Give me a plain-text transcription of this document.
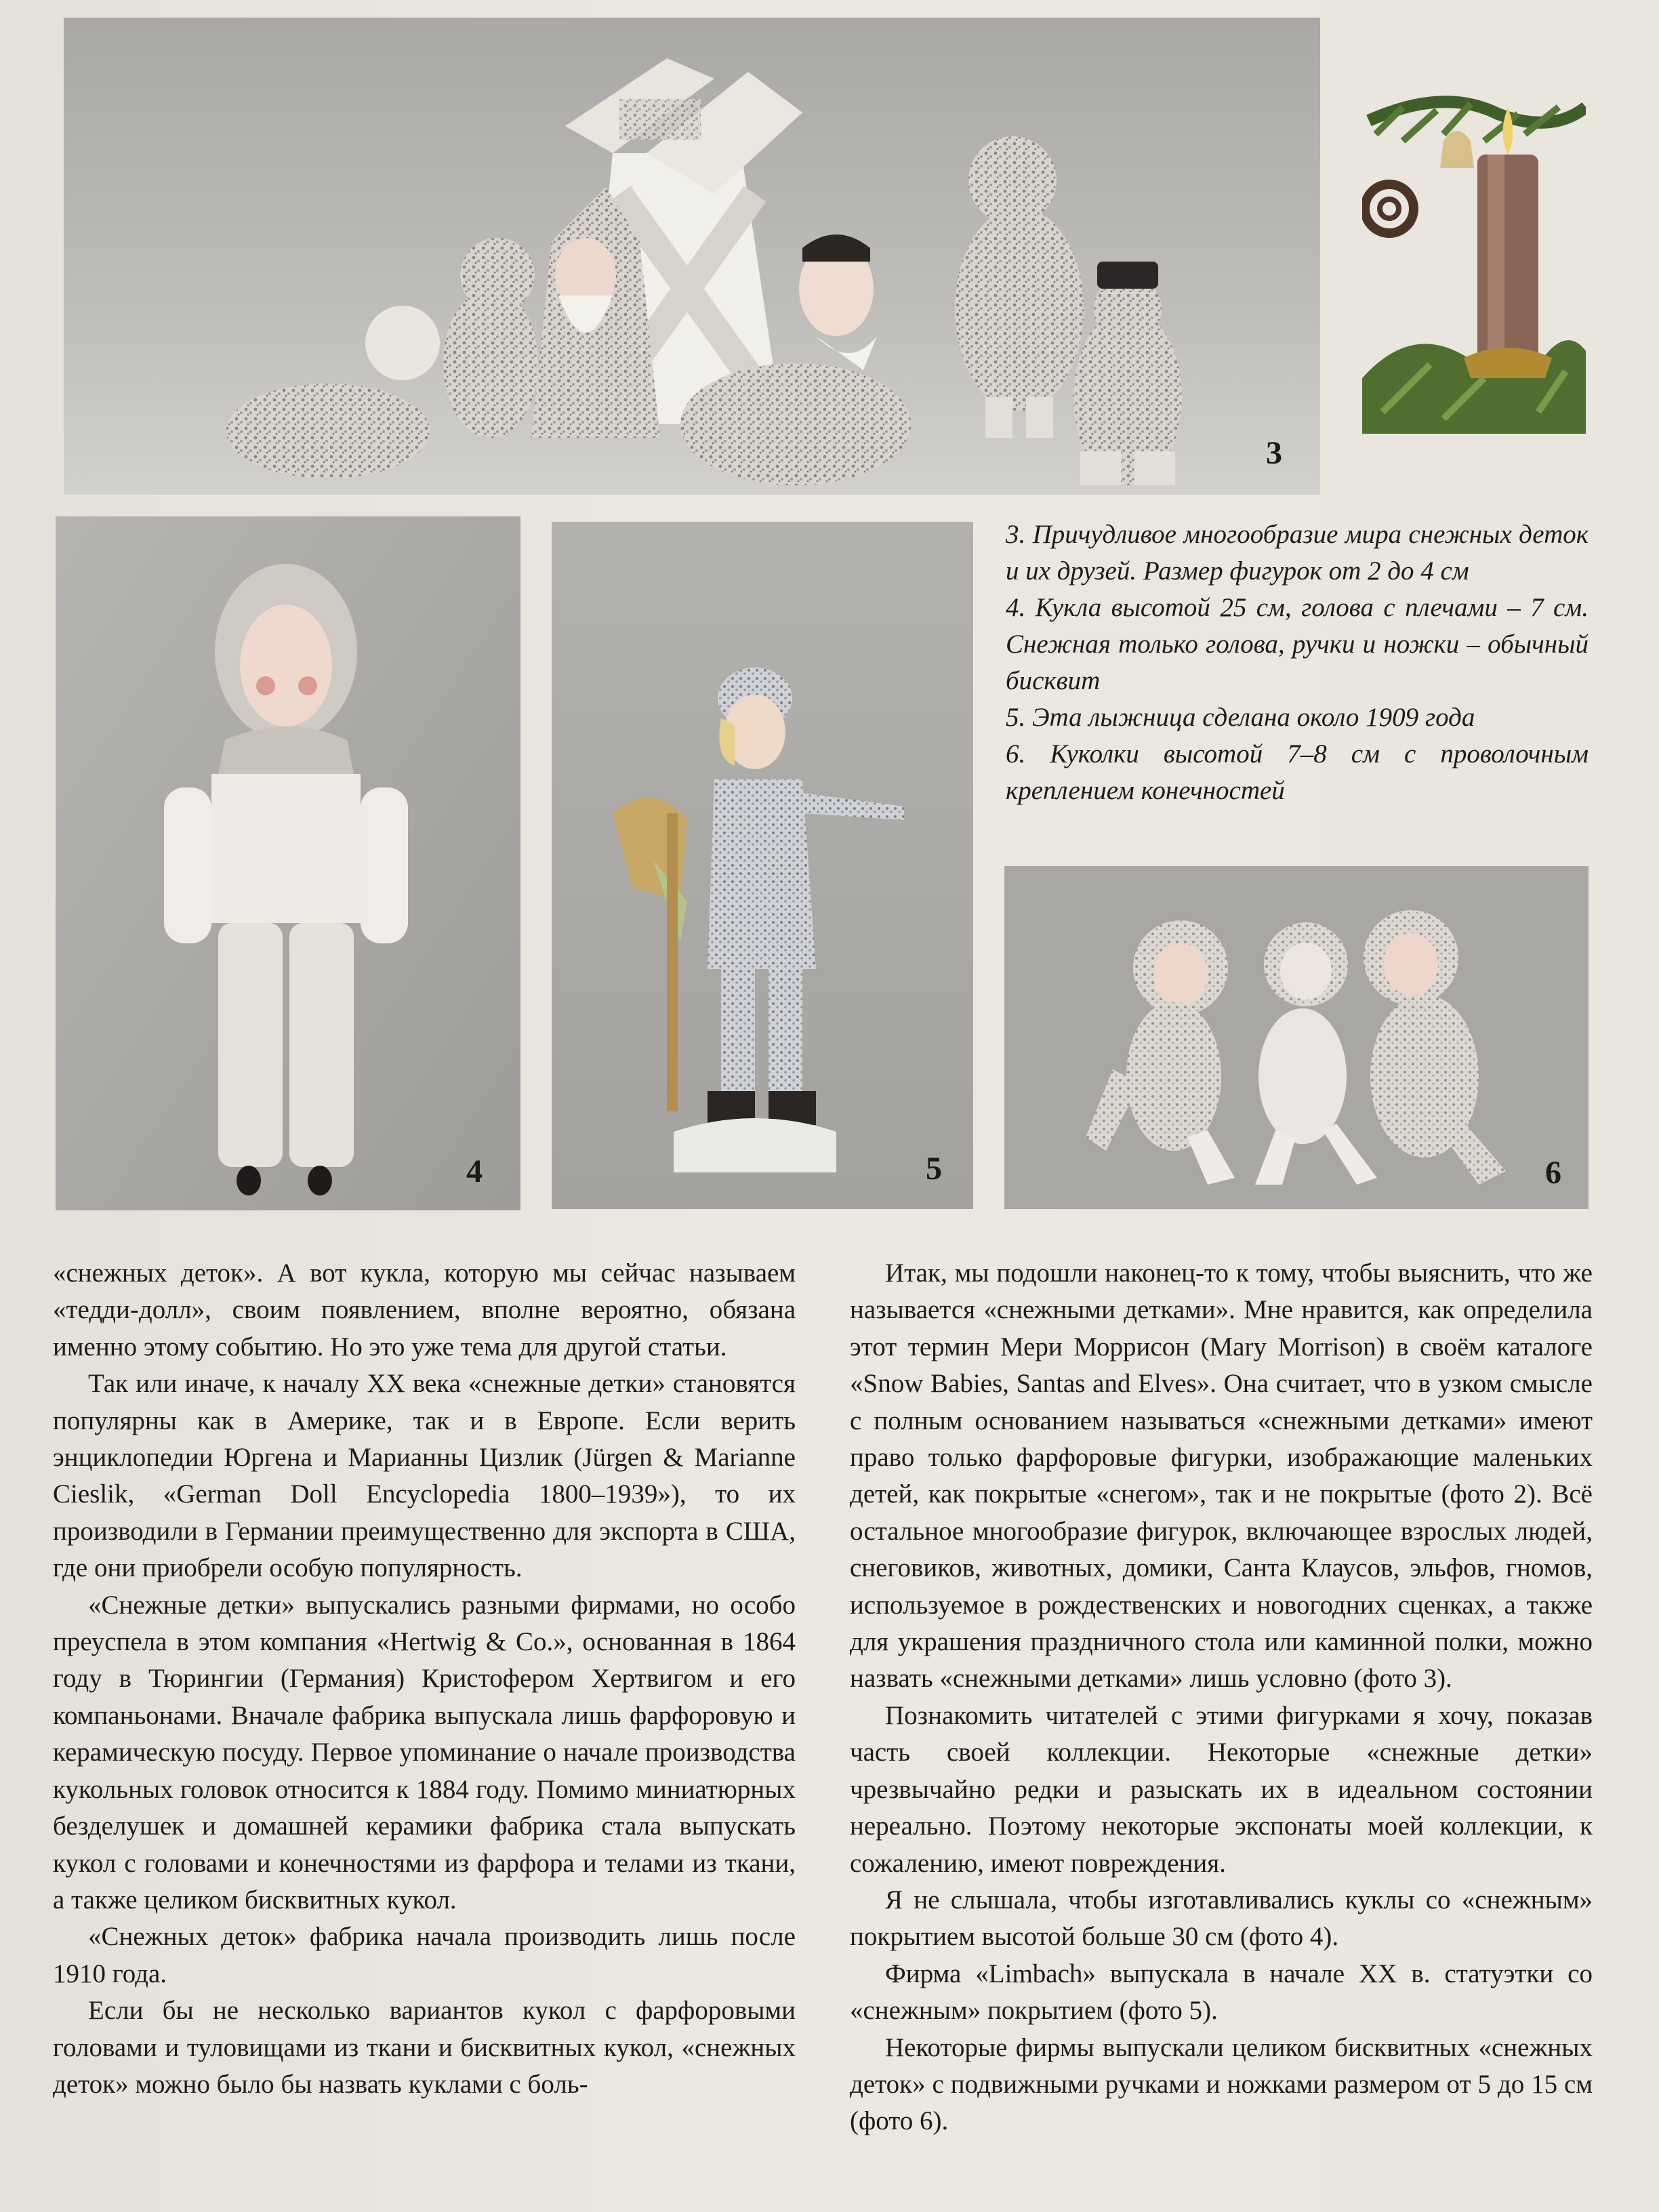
3
4	5

3. Причудливое многообразие мира снежных деток и их друзей. Размер фигурок от 2 до 4 см

4. Кукла высотой 25 см, голова с плечами – 7 см. Снежная только голова, ручки и ножки – обычный бисквит

5. Эта лыжница сделана около 1909 года

6. Куколки высотой 7–8 см с проволочным креплением конечностей

6

«снежных деток». А вот кукла, которую мы сейчас называем «тедди-долл», своим появлением, вполне вероятно, обязана именно этому событию. Но это уже тема для другой статьи.

Так или иначе, к началу XX века «снежные детки» становятся популярны как в Америке, так и в Европе. Если верить энциклопедии Юргена и Марианны Цизлик (Jürgen & Marianne Cieslik, «German Doll Encyclopedia 1800–1939»), то их производили в Германии преимущественно для экспорта в США, где они приобрели особую популярность.

«Снежные детки» выпускались разными фирмами, но особо преуспела в этом компания «Hertwig & Co.», основанная в 1864 году в Тюрингии (Германия) Кристофером Хертвигом и его компаньонами. Вначале фабрика выпускала лишь фарфоровую и керамическую посуду. Первое упоминание о начале производства кукольных головок относится к 1884 году. Помимо миниатюрных безделушек и домашней керамики фабрика стала выпускать кукол с головами и конечностями из фарфора и телами из ткани, а также целиком бисквитных кукол.

«Снежных деток» фабрика начала производить лишь после 1910 года.

Если бы не несколько вариантов кукол с фарфоровыми головами и туловищами из ткани и бисквитных кукол, «снежных деток» можно было бы назвать куклами с боль-

Итак, мы подошли наконец-то к тому, чтобы выяснить, что же называется «снежными детками». Мне нравится, как определила этот термин Мери Моррисон (Mary Morrison) в своём каталоге «Snow Babies, Santas and Elves». Она считает, что в узком смысле с полным основанием называться «снежными детками» имеют право только фарфоровые фигурки, изображающие маленьких детей, как покрытые «снегом», так и не покрытые (фото 2). Всё остальное многообразие фигурок, включающее взрослых людей, снеговиков, животных, домики, Санта Клаусов, эльфов, гномов, используемое в рождественских и новогодних сценках, а также для украшения праздничного стола или каминной полки, можно назвать «снежными детками» лишь условно (фото 3).

Познакомить читателей с этими фигурками я хочу, показав часть своей коллекции. Некоторые «снежные детки» чрезвычайно редки и разыскать их в идеальном состоянии нереально. Поэтому некоторые экспонаты моей коллекции, к сожалению, имеют повреждения.

Я не слышала, чтобы изготавливались куклы со «снежным» покрытием высотой больше 30 см (фото 4).

Фирма «Limbach» выпускала в начале XX в. статуэтки со «снежным» покрытием (фото 5).

Некоторые фирмы выпускали целиком бисквитных «снежных деток» с подвижными ручками и ножками размером от 5 до 15 см (фото 6).
